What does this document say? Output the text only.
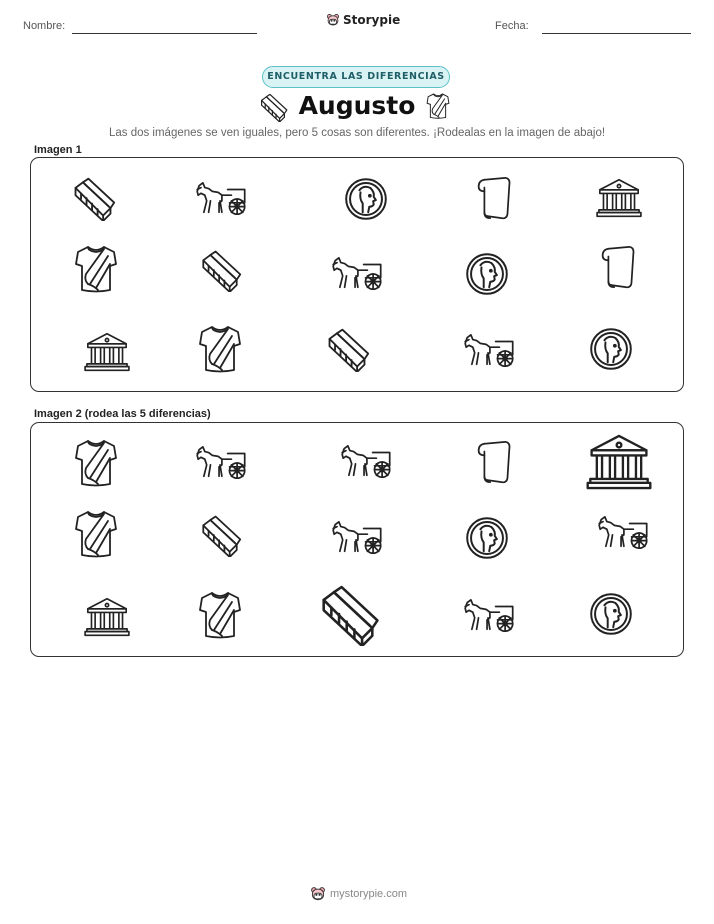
Nombre:	Storypie	Fecha:
ENCUENTRA LAS DIFERENCIAS
Augusto
Las dos imágenes se ven iguales, pero 5 cosas son diferentes. ¡Rodealas en la imagen de abajo!
Imagen 1
Imagen 2 (rodea las 5 diferencias)
mystorypie.com
